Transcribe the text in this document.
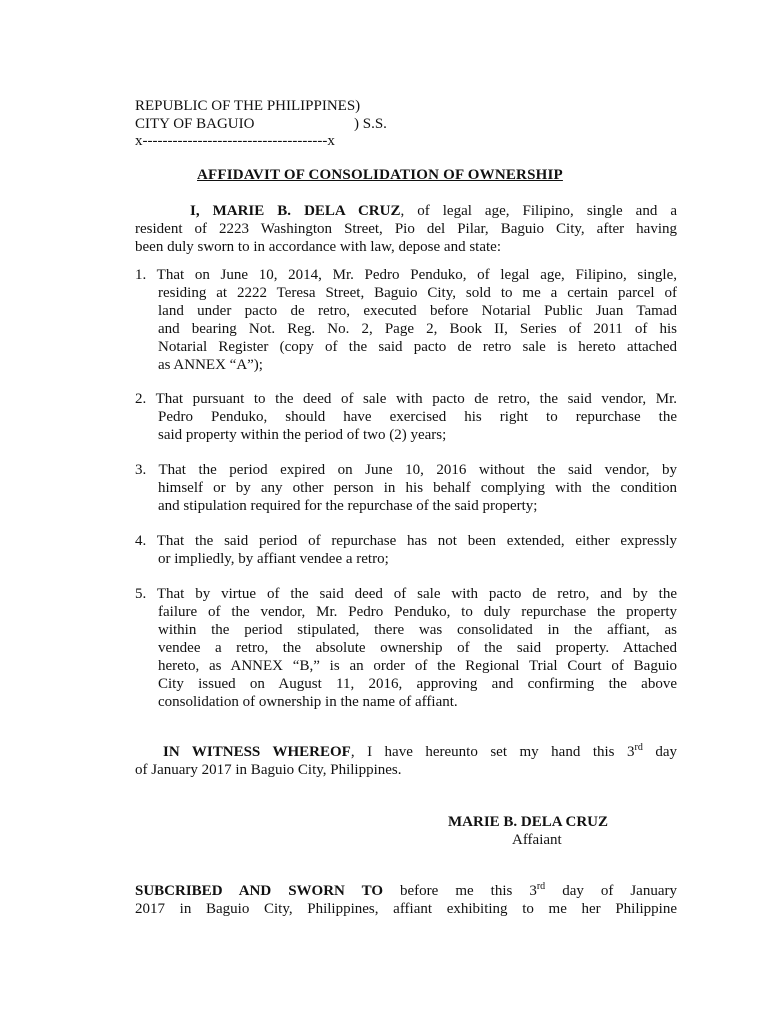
REPUBLIC OF THE PHILIPPINES)
CITY OF BAGUIO	) S.S.
x-------------------------------------x
AFFIDAVIT OF CONSOLIDATION OF OWNERSHIP
I, MARIE B. DELA CRUZ, of legal age, Filipino, single and a
resident of 2223 Washington Street, Pio del Pilar, Baguio City, after having
been duly sworn to in accordance with law, depose and state:
1. That on June 10, 2014, Mr. Pedro Penduko, of legal age, Filipino, single,
residing at 2222 Teresa Street, Baguio City, sold to me a certain parcel of
land under pacto de retro, executed before Notarial Public Juan Tamad
and bearing Not. Reg. No. 2, Page 2, Book II, Series of 2011 of his
Notarial Register (copy of the said pacto de retro sale is hereto attached
as ANNEX “A”);
2. That pursuant to the deed of sale with pacto de retro, the said vendor, Mr.
Pedro Penduko, should have exercised his right to repurchase the
said property within the period of two (2) years;
3. That the period expired on June 10, 2016 without the said vendor, by
himself or by any other person in his behalf complying with the condition
and stipulation required for the repurchase of the said property;
4. That the said period of repurchase has not been extended, either expressly
or impliedly, by affiant vendee a retro;
5. That by virtue of the said deed of sale with pacto de retro, and by the
failure of the vendor, Mr. Pedro Penduko, to duly repurchase the property
within the period stipulated, there was consolidated in the affiant, as
vendee a retro, the absolute ownership of the said property. Attached
hereto, as ANNEX “B,” is an order of the Regional Trial Court of Baguio
City issued on August 11, 2016, approving and confirming the above
consolidation of ownership in the name of affiant.
IN WITNESS WHEREOF, I have hereunto set my hand this 3rd day
of January 2017 in Baguio City, Philippines.
MARIE B. DELA CRUZ
Affaiant
SUBCRIBED AND SWORN TO before me this 3rd day of January
2017 in Baguio City, Philippines, affiant exhibiting to me her Philippine
